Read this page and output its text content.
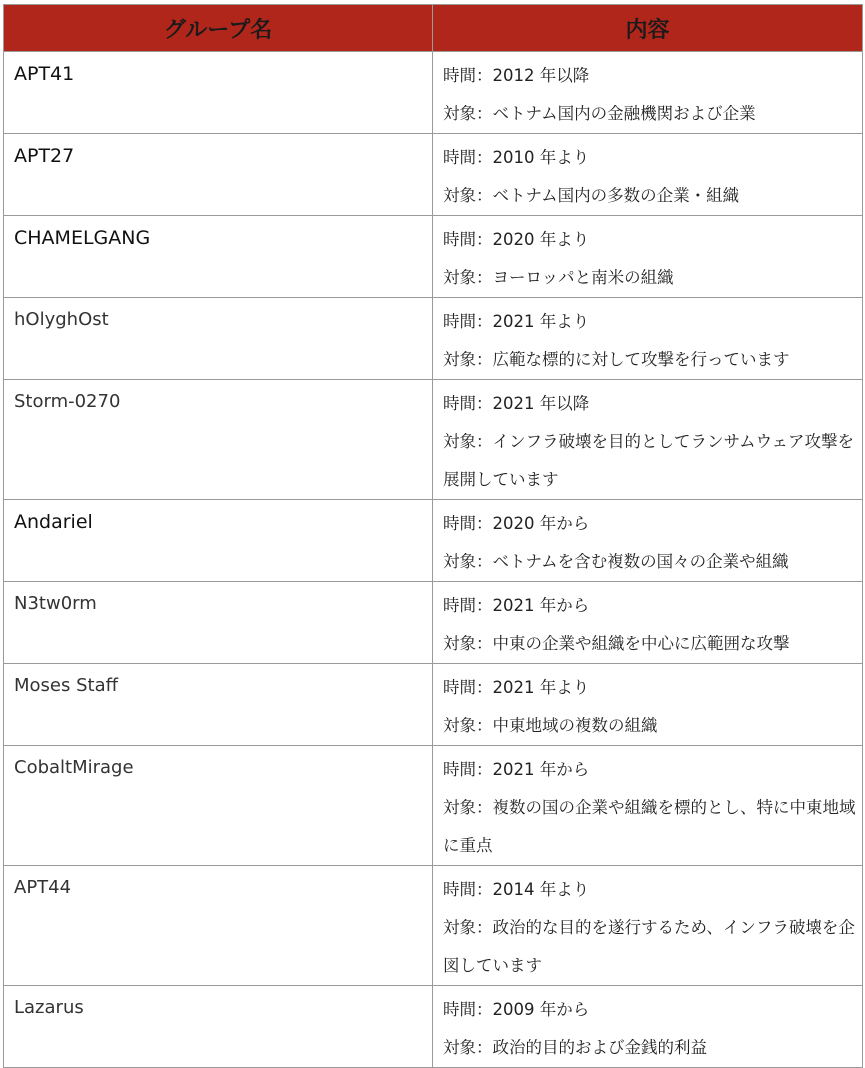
グループ名	内容
APT41	時間：2012 年以降
対象：ベトナム国内の金融機関および企業

APT27	時間：2010 年より
対象：ベトナム国内の多数の企業・組織

CHAMELGANG	時間：2020 年より
対象：ヨーロッパと南米の組織

hOlyghOst	時間：2021 年より
対象：広範な標的に対して攻撃を行っています

Storm-0270	時間：2021 年以降
対象：インフラ破壊を目的としてランサムウェア攻撃を展開しています

Andariel	時間：2020 年から
対象：ベトナムを含む複数の国々の企業や組織

N3tw0rm	時間：2021 年から
対象：中東の企業や組織を中心に広範囲な攻撃

Moses Staff	時間：2021 年より
対象：中東地域の複数の組織

CobaltMirage	時間：2021 年から
対象：複数の国の企業や組織を標的とし、特に中東地域に重点

APT44	時間：2014 年より
対象：政治的な目的を遂行するため、インフラ破壊を企図しています

Lazarus	時間：2009 年から
対象：政治的目的および金銭的利益
